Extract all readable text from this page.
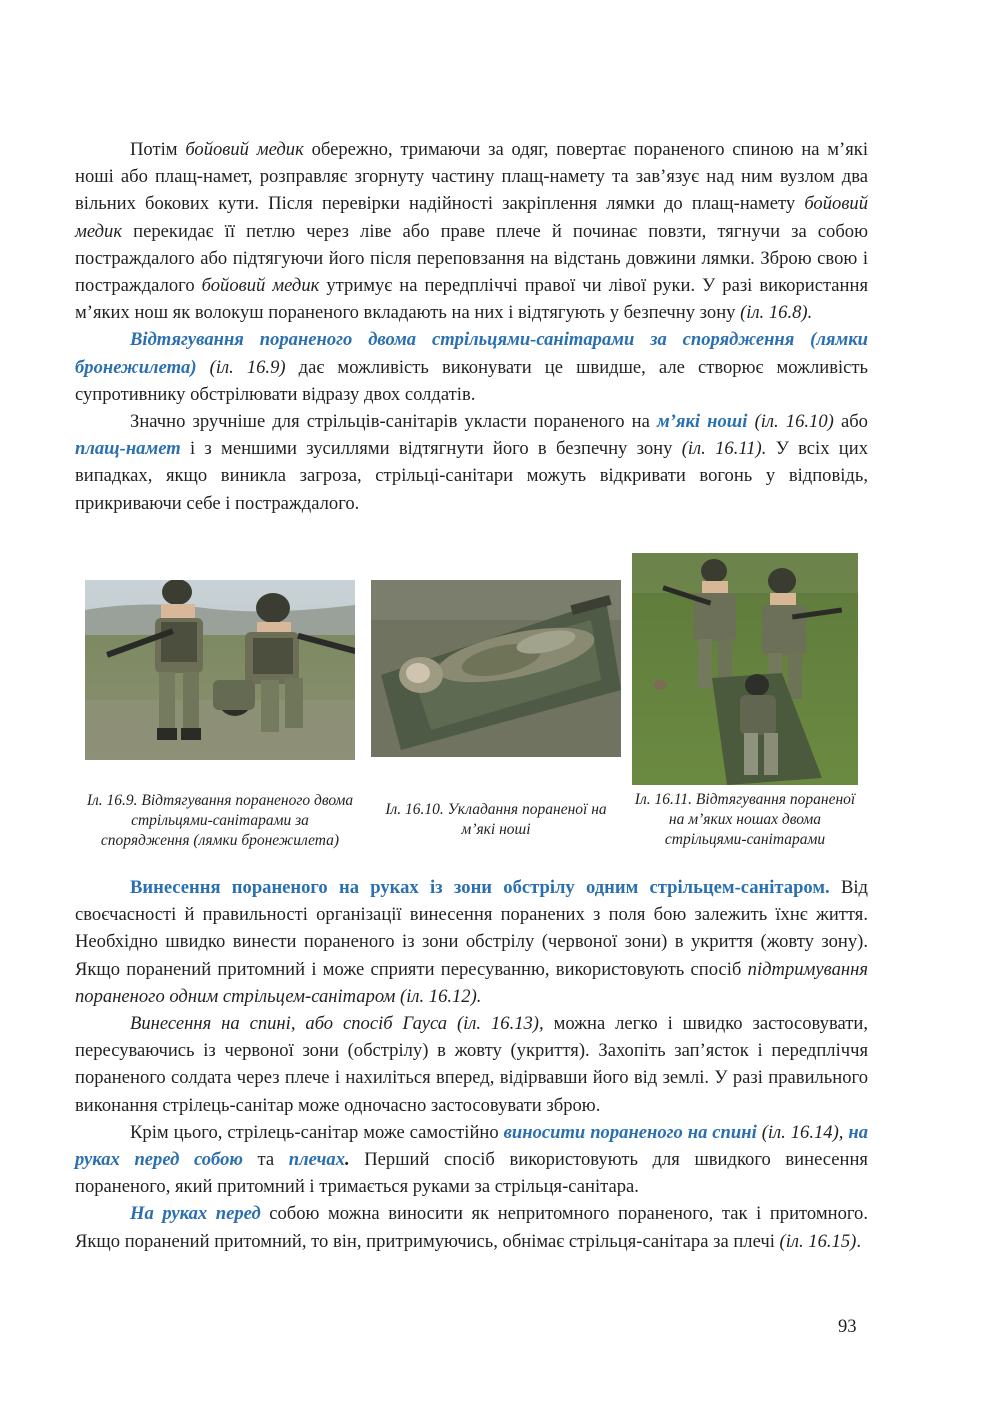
Потім бойовий медик обережно, тримаючи за одяг, повертає пораненого спиною на м’які ноші або плащ-намет, розправляє згорнуту частину плащ-намету та зав’язує над ним вузлом два вільних бокових кути. Після перевірки надійності закріплення лямки до плащ-намету бойовий медик перекидає її петлю через ліве або праве плече й починає повзти, тягнучи за собою постраждалого або підтягуючи його після переповзання на відстань довжини лямки. Зброю свою і постраждалого бойовий медик утримує на передпліччі правої чи лівої руки. У разі використання м’яких нош як волокуш пораненого вкладають на них і відтягують у безпечну зону (іл. 16.8).

Відтягування пораненого двома стрільцями-санітарами за спорядження (лямки бронежилета) (іл. 16.9) дає можливість виконувати це швидше, але створює можливість супротивнику обстрілювати відразу двох солдатів.

Значно зручніше для стрільців-санітарів укласти пораненого на м’які ноші (іл. 16.10) або плащ-намет і з меншими зусиллями відтягнути його в безпечну зону (іл. 16.11). У всіх цих випадках, якщо виникла загроза, стрільці-санітари можуть відкривати вогонь у відповідь, прикриваючи себе і постраждалого.

Іл. 16.9. Відтягування пораненого двома стрільцями-санітарами за спорядження (лямки бронежилета)
Іл. 16.10. Укладання пораненої на м’які ноші
Іл. 16.11. Відтягування пораненої на м’яких ношах двома стрільцями-санітарами

Винесення пораненого на руках із зони обстрілу одним стрільцем-санітаром. Від своєчасності й правильності організації винесення поранених з поля бою залежить їхнє життя. Необхідно швидко винести пораненого із зони обстрілу (червоної зони) в укриття (жовту зону). Якщо поранений притомний і може сприяти пересуванню, використовують спосіб підтримування пораненого одним стрільцем-санітаром (іл. 16.12).

Винесення на спині, або спосіб Гауса (іл. 16.13), можна легко і швидко застосовувати, пересуваючись із червоної зони (обстрілу) в жовту (укриття). Захопіть зап’ясток і передпліччя пораненого солдата через плече і нахиліться вперед, відірвавши його від землі. У разі правильного виконання стрілець-санітар може одночасно застосовувати зброю.

Крім цього, стрілець-санітар може самостійно виносити пораненого на спині (іл. 16.14), на руках перед собою та плечах. Перший спосіб використовують для швидкого винесення пораненого, який притомний і тримається руками за стрільця-санітара.

На руках перед собою можна виносити як непритомного пораненого, так і притомного. Якщо поранений притомний, то він, притримуючись, обнімає стрільця-санітара за плечі (іл. 16.15).

93
